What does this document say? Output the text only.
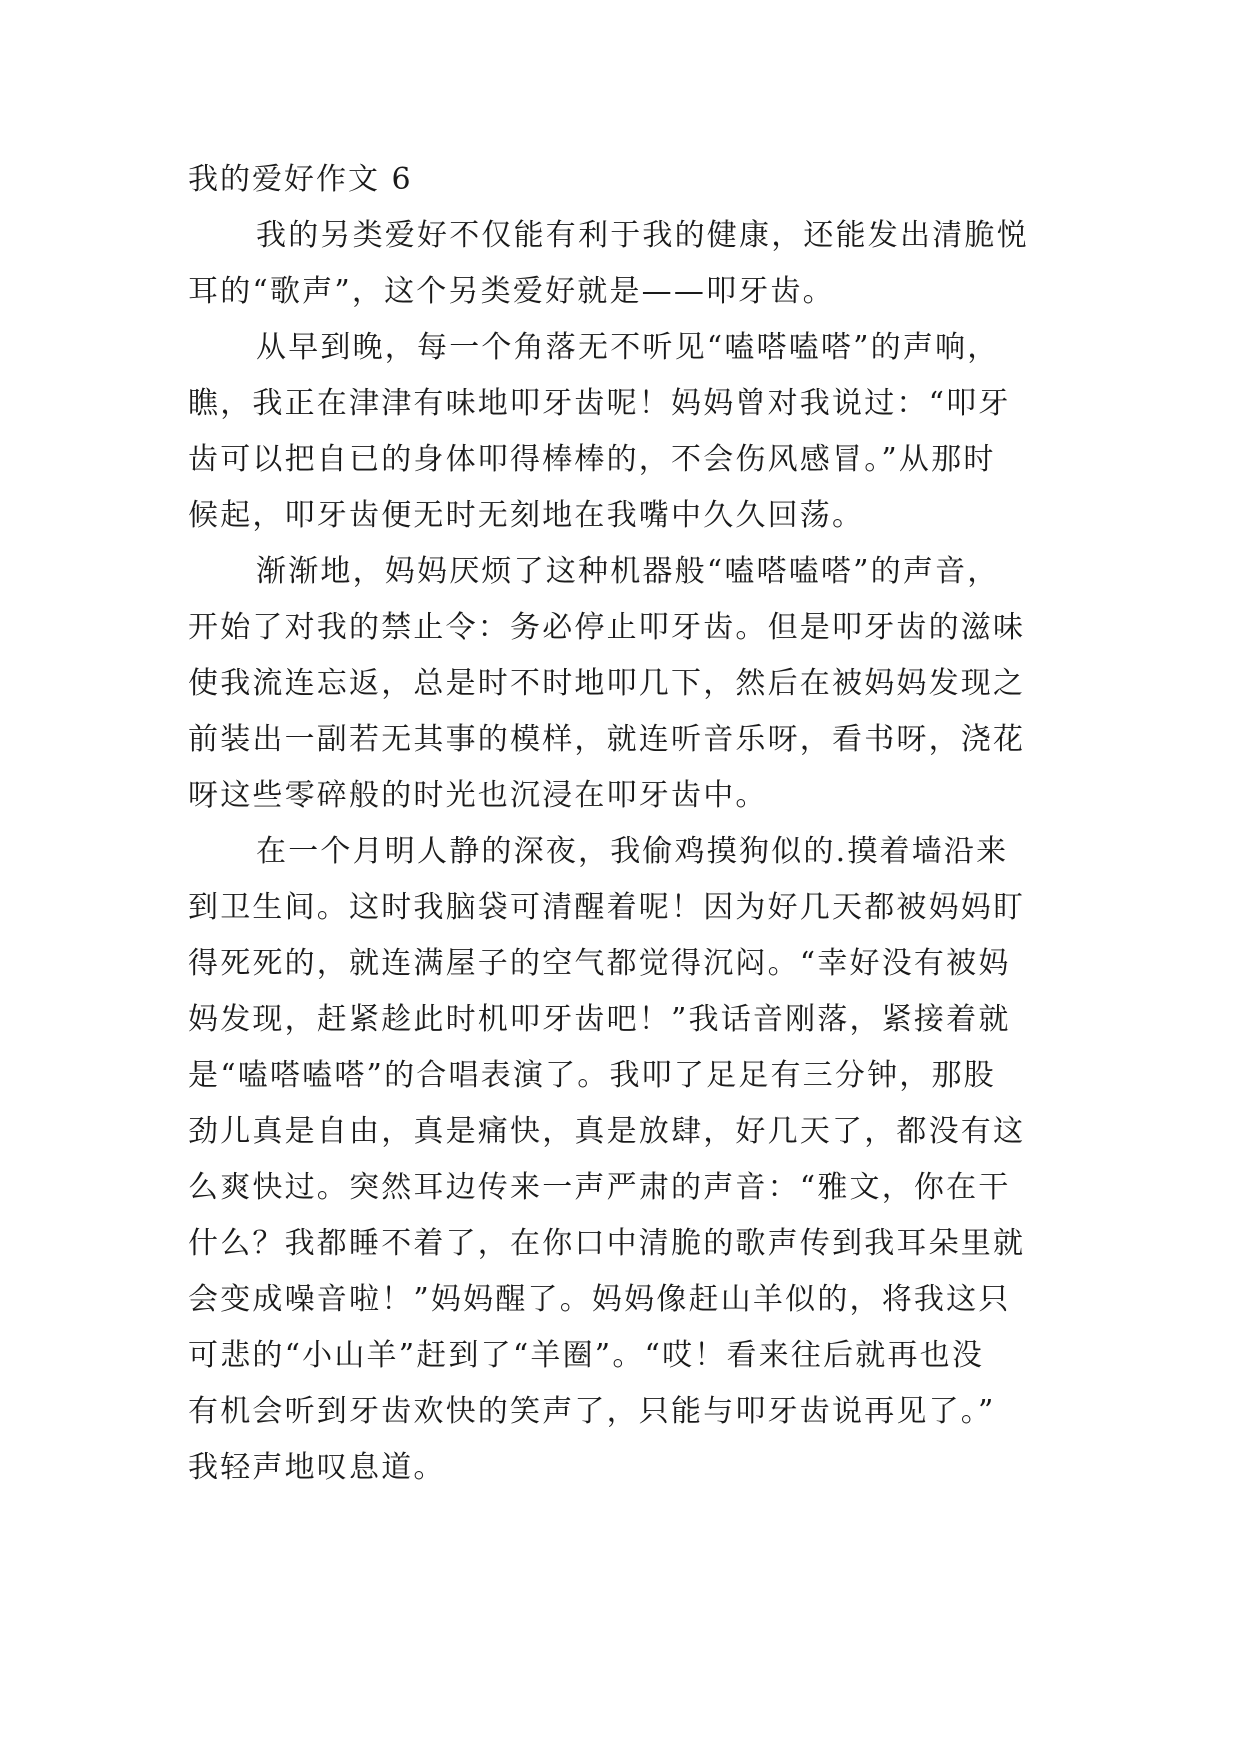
我的爱好作文 6
我的另类爱好不仅能有利于我的健康，还能发出清脆悦
耳的“歌声”，这个另类爱好就是——叩牙齿。
从早到晚，每一个角落无不听见“嗑嗒嗑嗒”的声响，
瞧，我正在津津有味地叩牙齿呢！妈妈曾对我说过：“叩牙
齿可以把自已的身体叩得棒棒的，不会伤风感冒。”从那时
候起，叩牙齿便无时无刻地在我嘴中久久回荡。
渐渐地，妈妈厌烦了这种机器般“嗑嗒嗑嗒”的声音，
开始了对我的禁止令：务必停止叩牙齿。但是叩牙齿的滋味
使我流连忘返，总是时不时地叩几下，然后在被妈妈发现之
前装出一副若无其事的模样，就连听音乐呀，看书呀，浇花
呀这些零碎般的时光也沉浸在叩牙齿中。
在一个月明人静的深夜，我偷鸡摸狗似的.摸着墙沿来
到卫生间。这时我脑袋可清醒着呢！因为好几天都被妈妈盯
得死死的，就连满屋子的空气都觉得沉闷。“幸好没有被妈
妈发现，赶紧趁此时机叩牙齿吧！”我话音刚落，紧接着就
是“嗑嗒嗑嗒”的合唱表演了。我叩了足足有三分钟，那股
劲儿真是自由，真是痛快，真是放肆，好几天了，都没有这
么爽快过。突然耳边传来一声严肃的声音：“雅文，你在干
什么？我都睡不着了，在你口中清脆的歌声传到我耳朵里就
会变成噪音啦！”妈妈醒了。妈妈像赶山羊似的，将我这只
可悲的“小山羊”赶到了“羊圈”。“哎！看来往后就再也没
有机会听到牙齿欢快的笑声了，只能与叩牙齿说再见了。”
我轻声地叹息道。
